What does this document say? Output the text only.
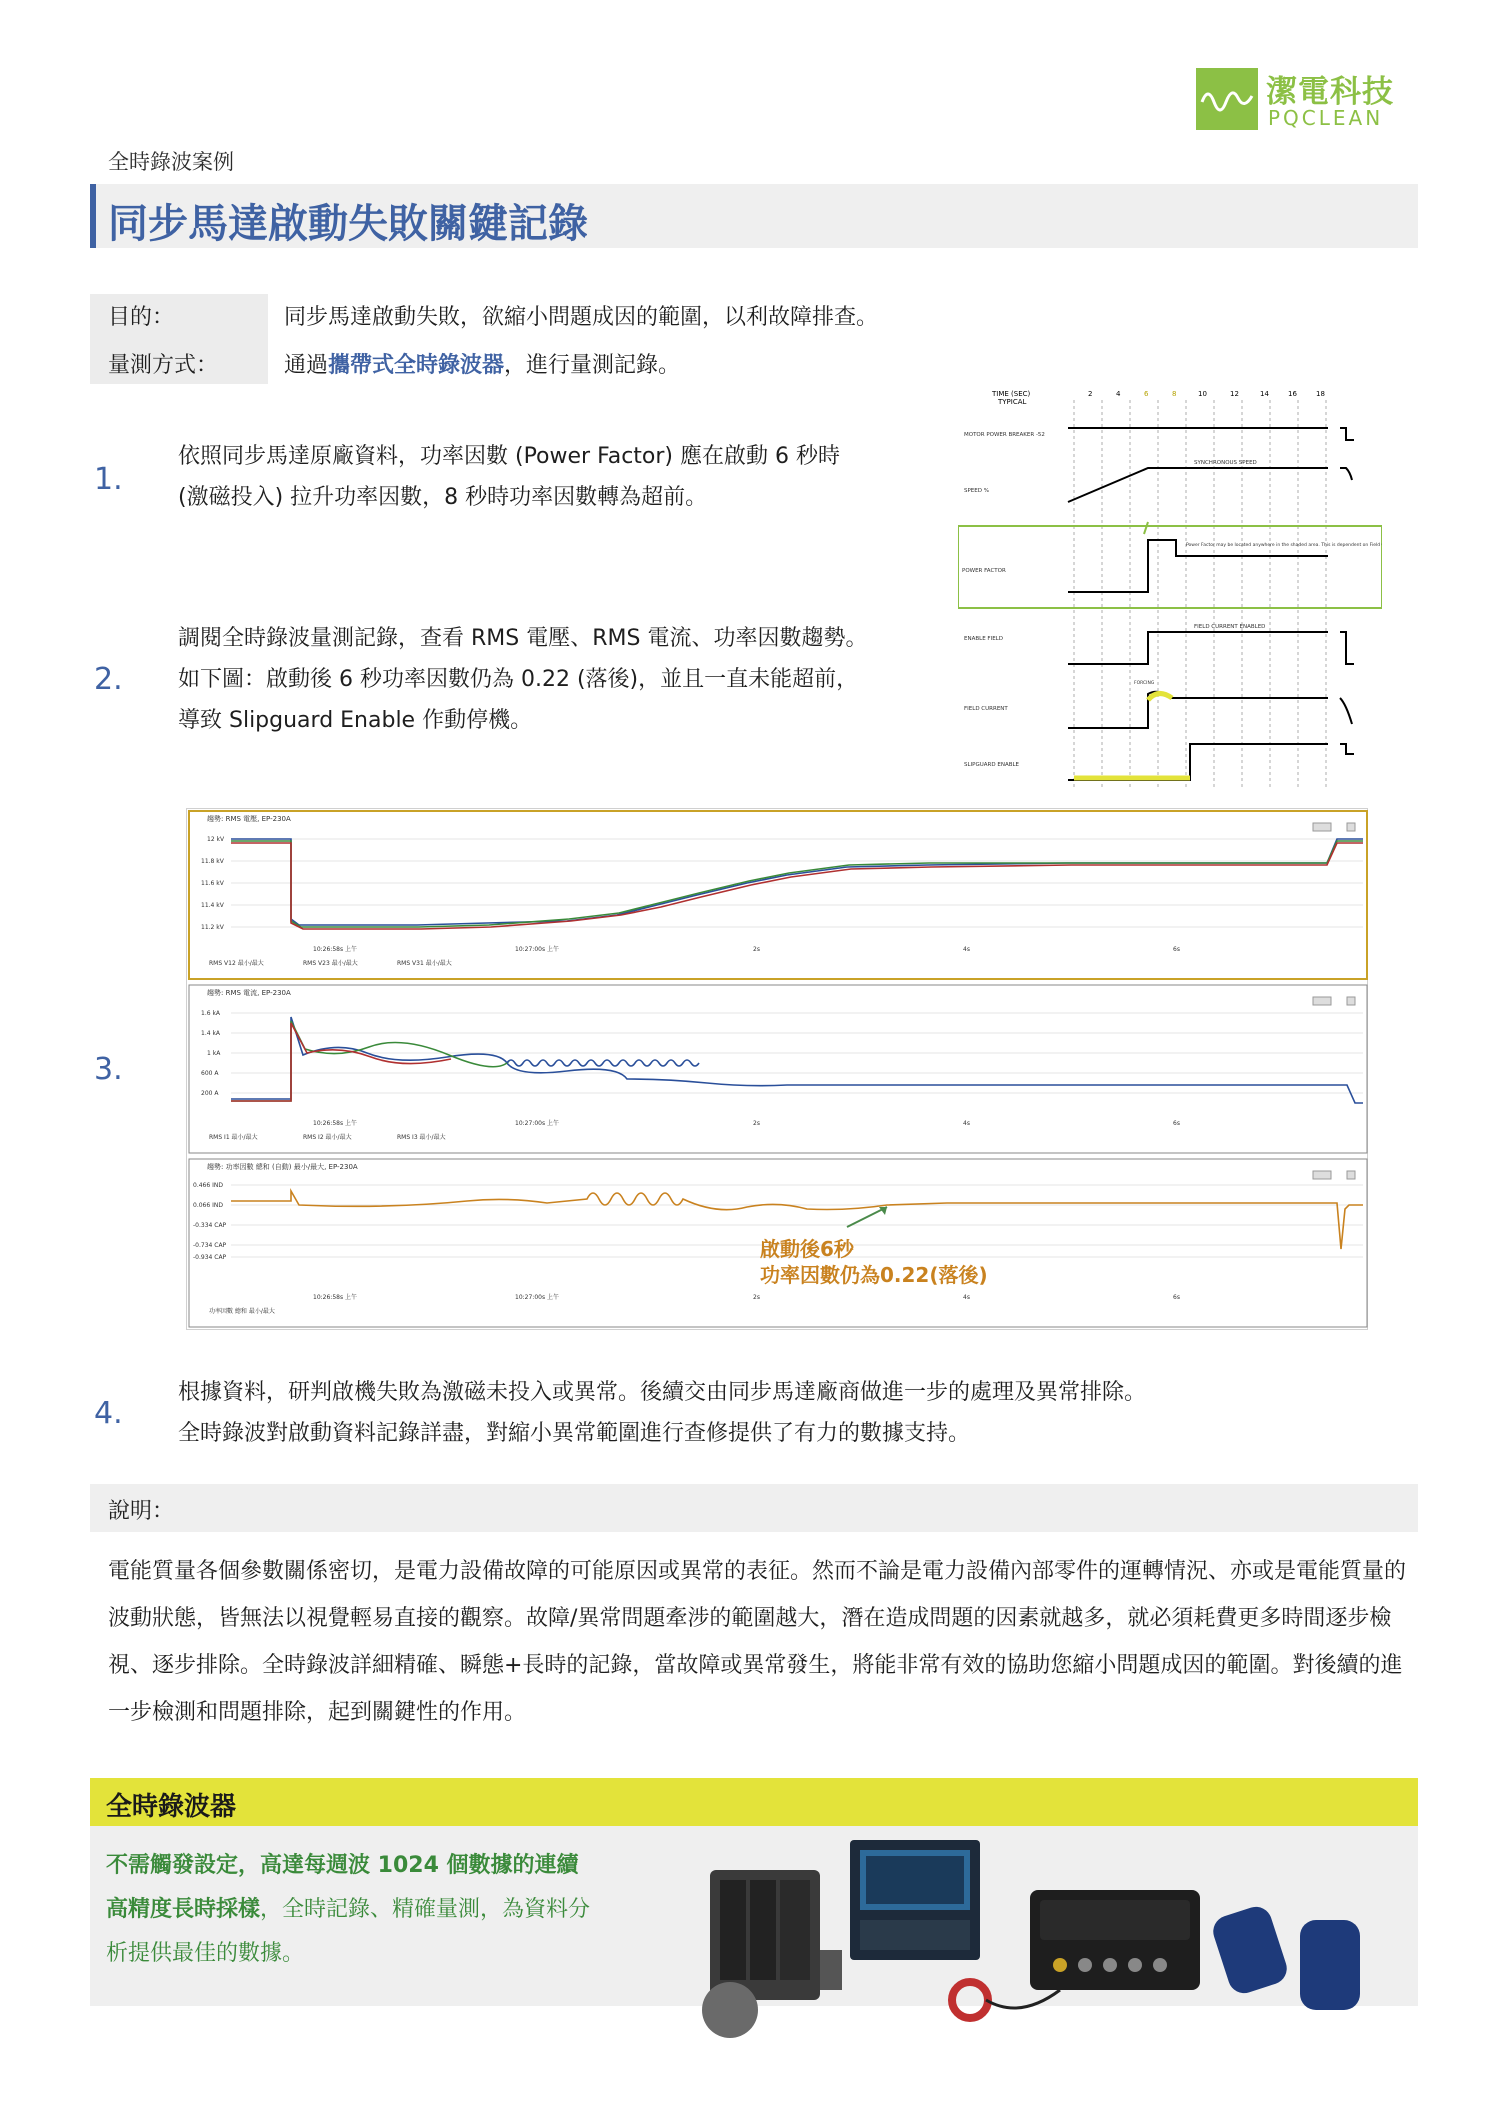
潔電科技
PQCLEAN
全時錄波案例
同步馬達啟動失敗關鍵記錄
目的：	同步馬達啟動失敗，欲縮小問題成因的範圍，以利故障排查。
量測方式：	通過攜帶式全時錄波器，進行量測記錄。
1.
依照同步馬達原廠資料，功率因數 (Power Factor) 應在啟動 6 秒時
(激磁投入) 拉升功率因數，8 秒時功率因數轉為超前。
2.
調閱全時錄波量測記錄，查看 RMS 電壓、RMS 電流、功率因數趨勢。
如下圖：啟動後 6 秒功率因數仍為 0.22 (落後)，並且一直未能超前，
導致 Slipguard Enable 作動停機。
TIME (SEC)
TYPICAL
2	4	6	8	10	12	14	16	18
MOTOR POWER BREAKER -52
SPEED %
POWER FACTOR
ENABLE FIELD
FIELD CURRENT
SLIPGUARD ENABLE
SYNCHRONOUS SPEED
Power Factor may be located anywhere in the shaded area. This is dependent on Field Current
FIELD CURRENT ENABLED
FORCING
3.
趨勢: RMS 電壓, EP-230A
趨勢: RMS 電流, EP-230A
趨勢: 功率因數 總和 (自動) 最小/最大, EP-230A
12 kV
11.8 kV
11.6 kV
11.4 kV
11.2 kV
1.6 kA
1.4 kA
1 kA
600 A
200 A
0.466 IND
0.066 IND
-0.334 CAP
-0.734 CAP
-0.934 CAP
10:26:58s 上午	10:27:00s 上午	2s	4s	6s
10:26:58s 上午	10:27:00s 上午	2s	4s	6s
10:26:58s 上午	10:27:00s 上午	2s	4s	6s
RMS V12 最小/最大	RMS V23 最小/最大	RMS V31 最小/最大
RMS I1 最小/最大	RMS I2 最小/最大	RMS I3 最小/最大
功率因數 總和 最小/最大
啟動後6秒
功率因數仍為0.22(落後)
4.
根據資料，研判啟機失敗為激磁未投入或異常。後續交由同步馬達廠商做進一步的處理及異常排除。
全時錄波對啟動資料記錄詳盡，對縮小異常範圍進行查修提供了有力的數據支持。
說明：
電能質量各個參數關係密切，是電力設備故障的可能原因或異常的表征。然而不論是電力設備內部零件的運轉情況、亦或是電能質量的波動狀態，皆無法以視覺輕易直接的觀察。故障/異常問題牽涉的範圍越大，潛在造成問題的因素就越多，就必須耗費更多時間逐步檢視、逐步排除。全時錄波詳細精確、瞬態+長時的記錄，當故障或異常發生，將能非常有效的協助您縮小問題成因的範圍。對後續的進一步檢測和問題排除，起到關鍵性的作用。
全時錄波器
不需觸發設定，高達每週波 1024 個數據的連續
高精度長時採樣，全時記錄、精確量測，為資料分
析提供最佳的數據。
